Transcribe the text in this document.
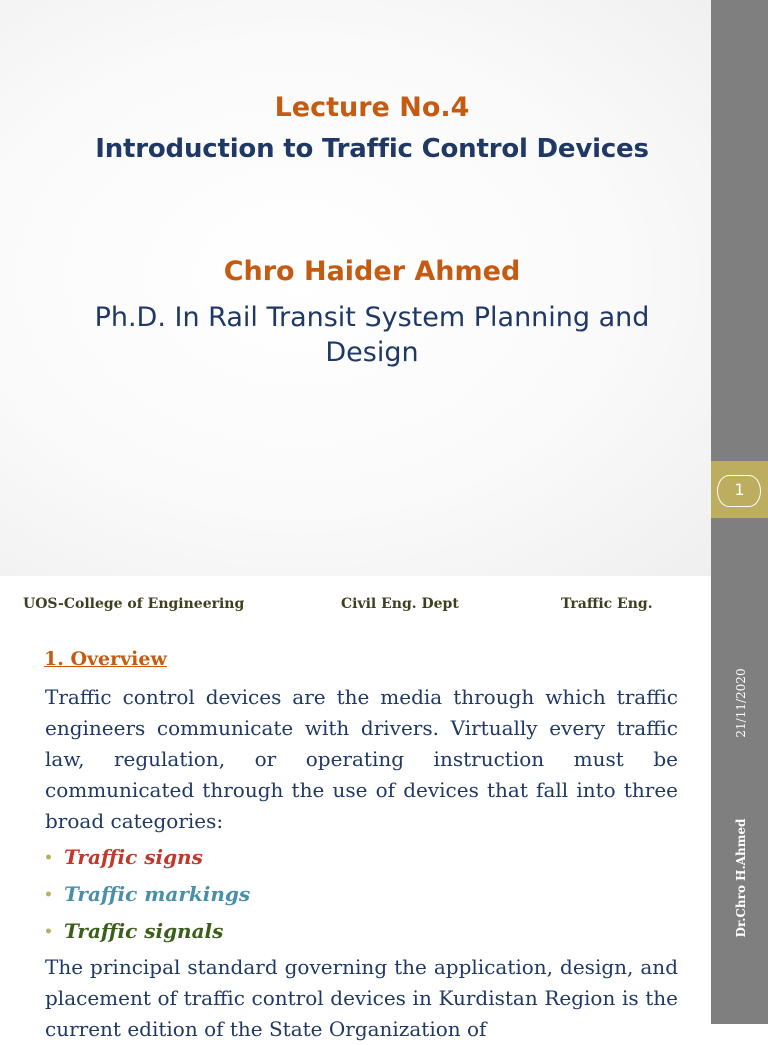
Lecture No.4
Introduction to Traffic Control Devices
Chro Haider Ahmed
Ph.D. In Rail Transit System Planning and Design
1
21/11/2020
Dr.Chro H.Ahmed
UOS-College of Engineering	Civil Eng. Dept	Traffic Eng.
1. Overview
Traffic control devices are the media through which traffic engineers communicate with drivers. Virtually every traffic law, regulation, or operating instruction must be communicated through the use of devices that fall into three broad categories:
• Traffic signs
• Traffic markings
• Traffic signals
The principal standard governing the application, design, and placement of traffic control devices in Kurdistan Region is the current edition of the State Organization of
